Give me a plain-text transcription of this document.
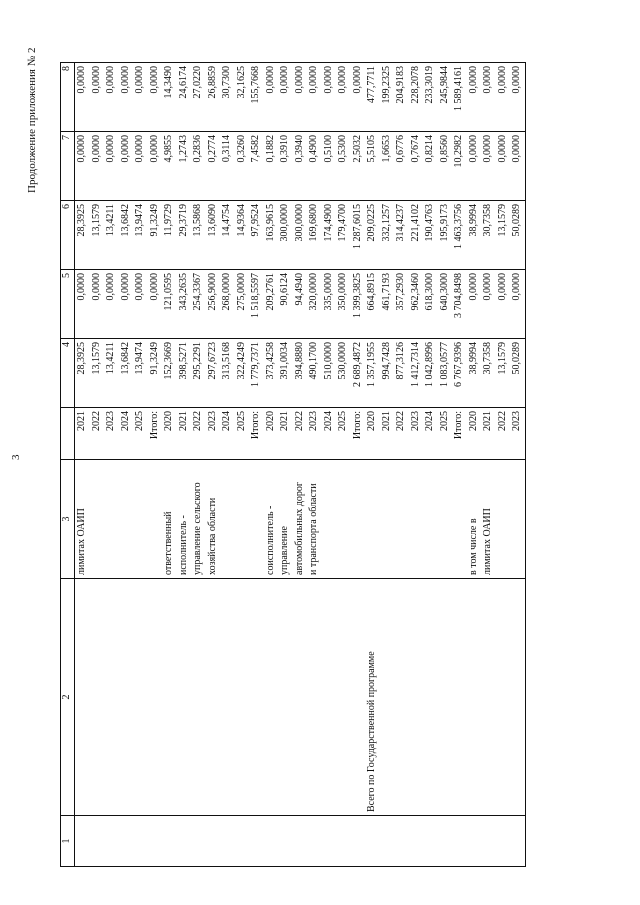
3
Продолжение приложения № 2
1	2	3		4	5	6	7	8
		лимитах ОАИП	2021	28,3925	0,0000	28,3925	0,0000	0,0000
			2022	13,1579	0,0000	13,1579	0,0000	0,0000
			2023	13,4211	0,0000	13,4211	0,0000	0,0000
			2024	13,6842	0,0000	13,6842	0,0000	0,0000
			2025	13,9474	0,0000	13,9474	0,0000	0,0000
			Итого:	91,3249	0,0000	91,3249	0,0000	0,0000
		ответственный	2020	152,3669	121,0595	11,9729	4,9855	14,3490
		исполнитель -	2021	398,5271	343,2635	29,3719	1,2743	24,6174
		управление сельского	2022	295,2291	254,3367	13,5868	0,2836	27,0220
		хозяйства области	2023	297,6723	256,9000	13,6090	0,2774	26,8859
			2024	313,5168	268,0000	14,4754	0,3114	30,7300
			2025	322,4249	275,0000	14,9364	0,3260	32,1625
			Итого:	1 779,7371	1 518,5597	97,9524	7,4582	155,7668
		соисполнитель -	2020	373,4258	209,2761	163,9615	0,1882	0,0000
		управление	2021	391,0034	90,6124	300,0000	0,3910	0,0000
		автомобильных дорог	2022	394,8880	94,4940	300,0000	0,3940	0,0000
		и транспорта области	2023	490,1700	320,0000	169,6800	0,4900	0,0000
			2024	510,0000	335,0000	174,4900	0,5100	0,0000
			2025	530,0000	350,0000	179,4700	0,5300	0,0000
			Итого:	2 689,4872	1 399,3825	1 287,6015	2,5032	0,0000
	Всего по Государственной программе		2020	1 357,1955	664,8915	209,0225	5,5105	477,7711
			2021	994,7428	461,7193	332,1257	1,6653	199,2325
			2022	877,3126	357,2930	314,4237	0,6776	204,9183
			2023	1 412,7314	962,3460	221,4102	0,7674	228,2078
			2024	1 042,8996	618,3000	190,4763	0,8214	233,3019
			2025	1 083,0577	640,3000	195,9173	0,8560	245,9844
			Итого:	6 767,9396	3 704,8498	1 463,3756	10,2982	1 589,4161
		в том числе в	2020	38,9994	0,0000	38,9994	0,0000	0,0000
		лимитах ОАИП	2021	30,7358	0,0000	30,7358	0,0000	0,0000
			2022	13,1579	0,0000	13,1579	0,0000	0,0000
			2023	50,0289	0,0000	50,0289	0,0000	0,0000
